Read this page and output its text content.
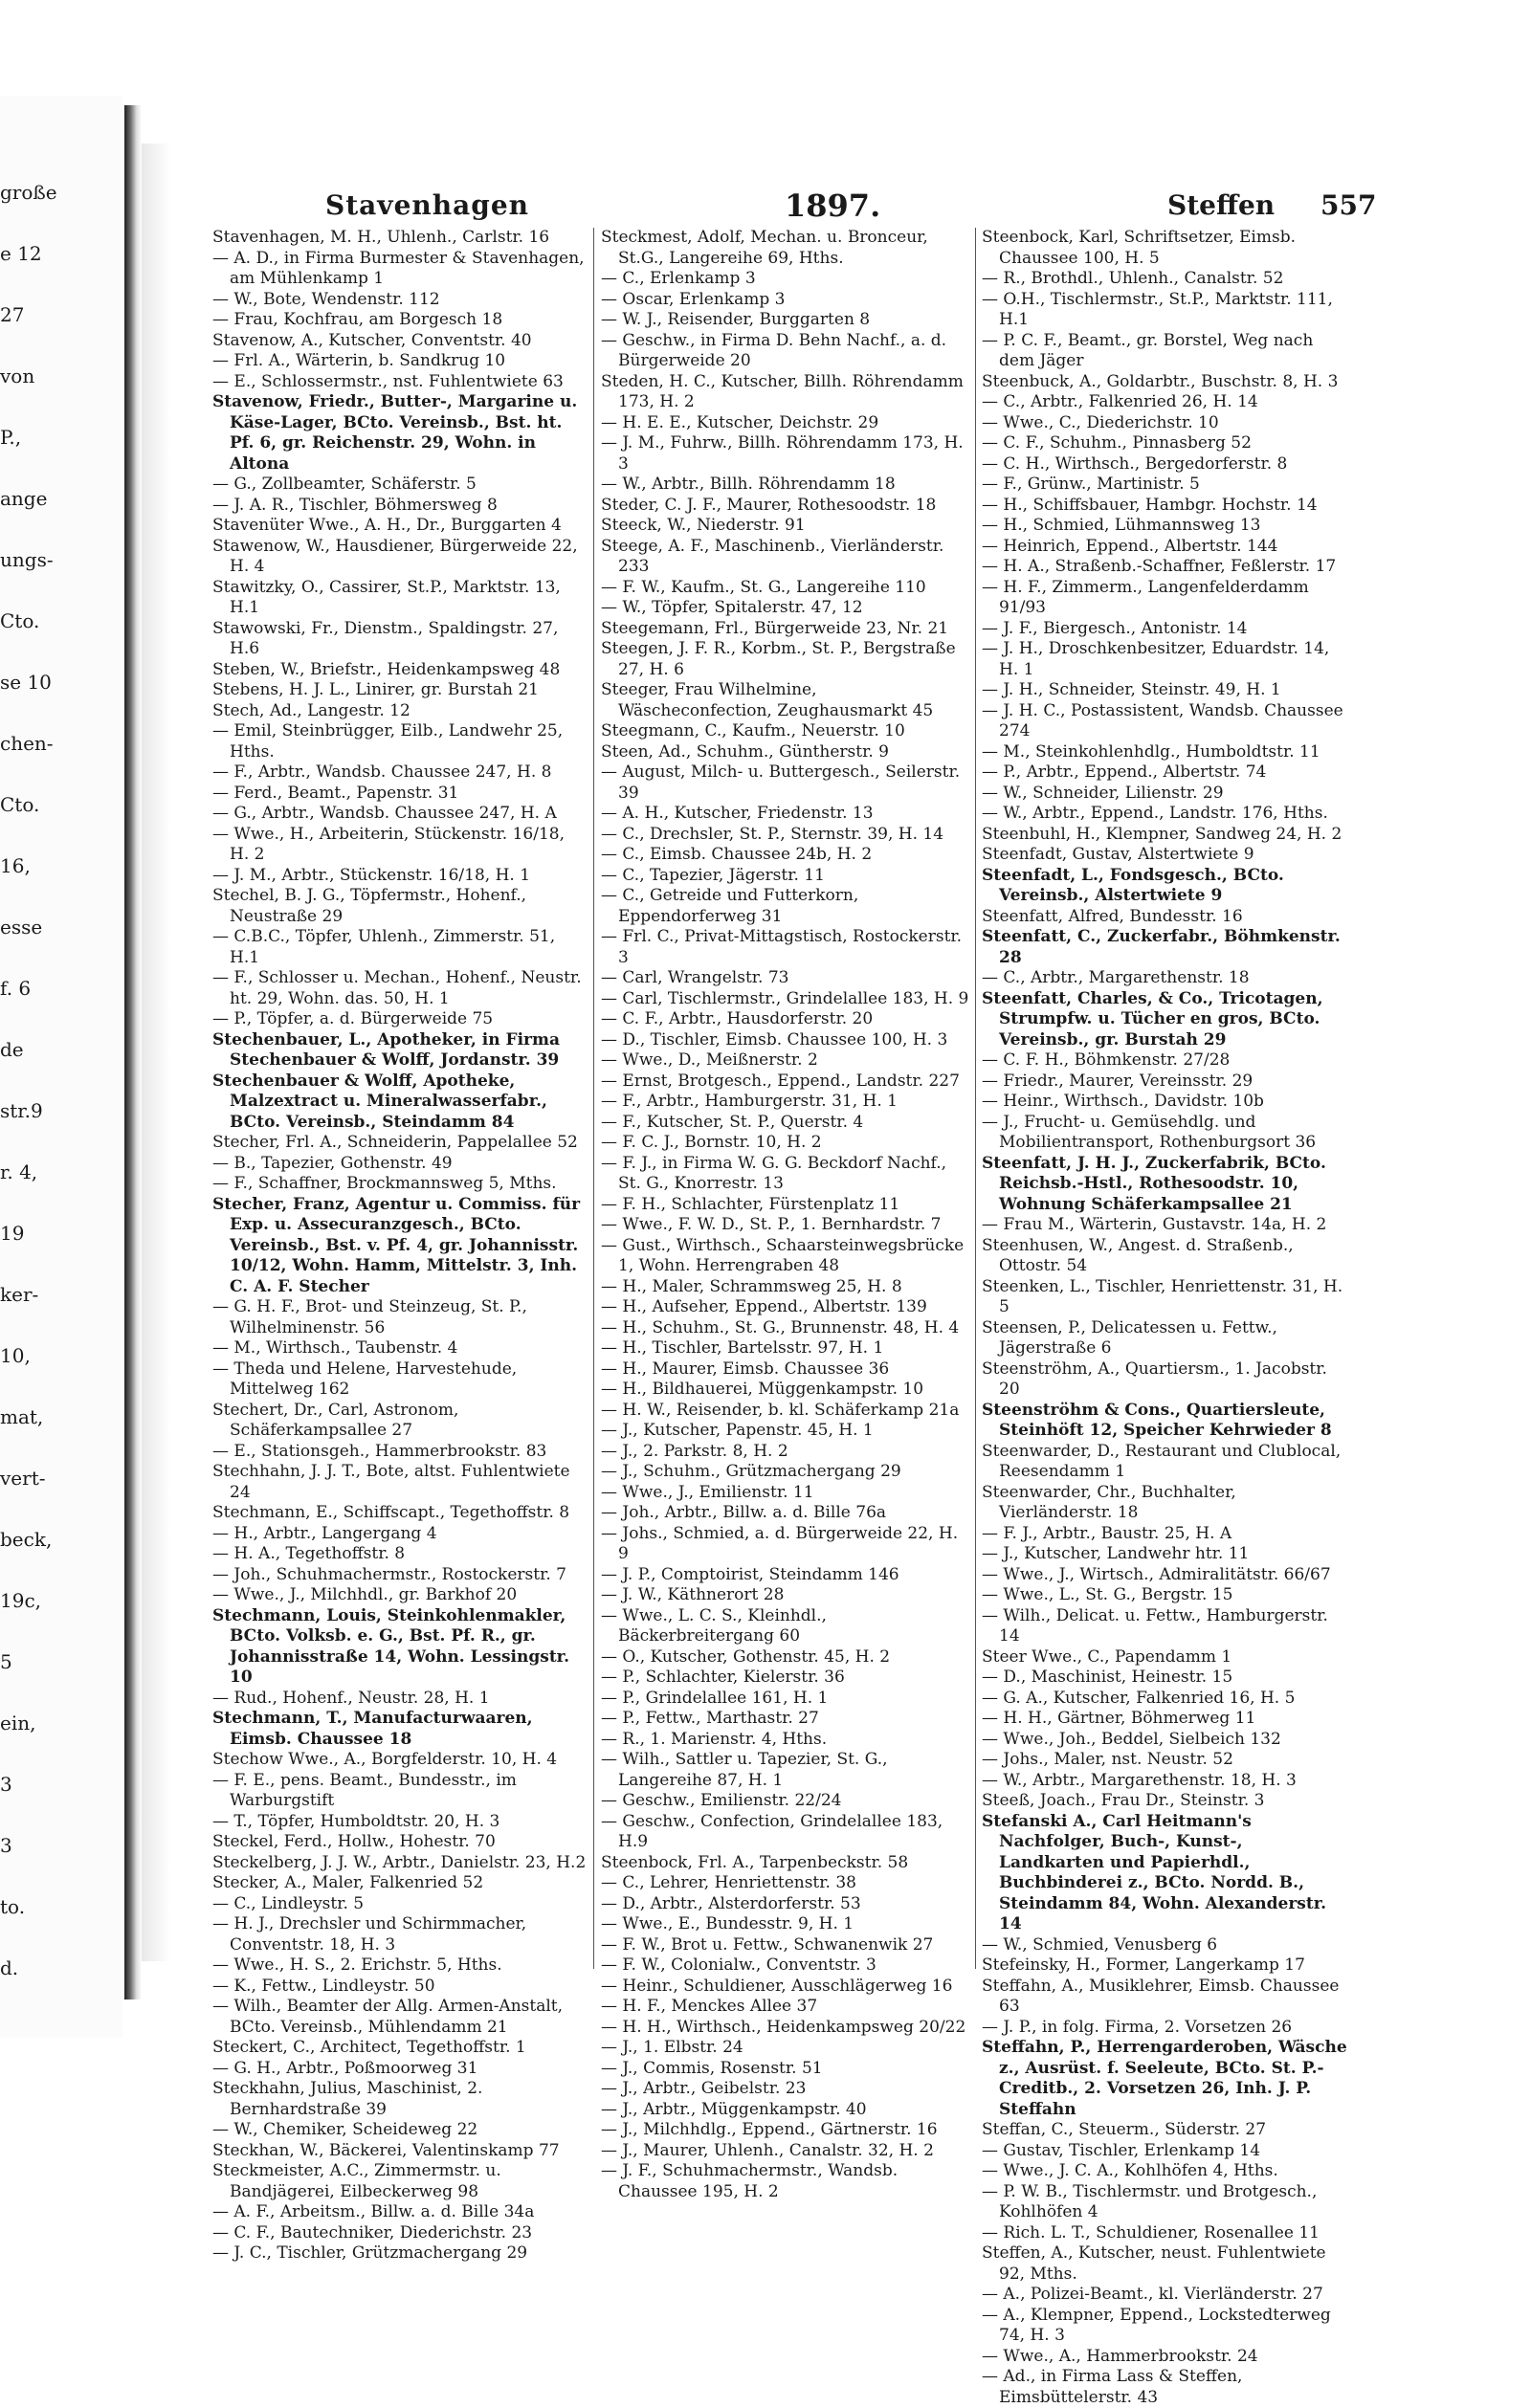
große
e 12
27
von
P.,
ange
ungs-
Cto.
se 10
chen-
Cto.
16,
esse
f. 6
de
str.9
r. 4,
19
ker-
10,
mat,
vert-
beck,
19c,
5
ein,
3
3
to.
d.
Stavenhagen	1897.	Steffen 557

Stavenhagen, M. H., Uhlenh., Carlstr. 16

— A. D., in Firma Burmester & Stavenhagen, am Mühlenkamp 1

— W., Bote, Wendenstr. 112

— Frau, Kochfrau, am Borgesch 18

Stavenow, A., Kutscher, Conventstr. 40

— Frl. A., Wärterin, b. Sandkrug 10

— E., Schlossermstr., nst. Fuhlentwiete 63

Stavenow, Friedr., Butter-, Margarine u. Käse-Lager, BCto. Vereinsb., Bst. ht. Pf. 6, gr. Reichenstr. 29, Wohn. in Altona

— G., Zollbeamter, Schäferstr. 5

— J. A. R., Tischler, Böhmersweg 8

Stavenüter Wwe., A. H., Dr., Burggarten 4

Stawenow, W., Hausdiener, Bürgerweide 22, H. 4

Stawitzky, O., Cassirer, St.P., Marktstr. 13, H.1

Stawowski, Fr., Dienstm., Spaldingstr. 27, H.6

Steben, W., Briefstr., Heidenkampsweg 48

Stebens, H. J. L., Linirer, gr. Burstah 21

Stech, Ad., Langestr. 12

— Emil, Steinbrügger, Eilb., Landwehr 25, Hths.

— F., Arbtr., Wandsb. Chaussee 247, H. 8

— Ferd., Beamt., Papenstr. 31

— G., Arbtr., Wandsb. Chaussee 247, H. A

— Wwe., H., Arbeiterin, Stückenstr. 16/18, H. 2

— J. M., Arbtr., Stückenstr. 16/18, H. 1

Stechel, B. J. G., Töpfermstr., Hohenf., Neustraße 29

— C.B.C., Töpfer, Uhlenh., Zimmerstr. 51, H.1

— F., Schlosser u. Mechan., Hohenf., Neustr. ht. 29, Wohn. das. 50, H. 1

— P., Töpfer, a. d. Bürgerweide 75

Stechenbauer, L., Apotheker, in Firma Stechenbauer & Wolff, Jordanstr. 39

Stechenbauer & Wolff, Apotheke, Malzextract u. Mineralwasserfabr., BCto. Vereinsb., Steindamm 84

Stecher, Frl. A., Schneiderin, Pappelallee 52

— B., Tapezier, Gothenstr. 49

— F., Schaffner, Brockmannsweg 5, Mths.

Stecher, Franz, Agentur u. Commiss. für Exp. u. Assecuranzgesch., BCto. Vereinsb., Bst. v. Pf. 4, gr. Johannisstr. 10/12, Wohn. Hamm, Mittelstr. 3, Inh. C. A. F. Stecher

— G. H. F., Brot- und Steinzeug, St. P., Wilhelminenstr. 56

— M., Wirthsch., Taubenstr. 4

— Theda und Helene, Harvestehude, Mittelweg 162

Stechert, Dr., Carl, Astronom, Schäferkampsallee 27

— E., Stationsgeh., Hammerbrookstr. 83

Stechhahn, J. J. T., Bote, altst. Fuhlentwiete 24

Stechmann, E., Schiffscapt., Tegethoffstr. 8

— H., Arbtr., Langergang 4

— H. A., Tegethoffstr. 8

— Joh., Schuhmachermstr., Rostockerstr. 7

— Wwe., J., Milchhdl., gr. Barkhof 20

Stechmann, Louis, Steinkohlenmakler, BCto. Volksb. e. G., Bst. Pf. R., gr. Johannisstraße 14, Wohn. Lessingstr. 10

— Rud., Hohenf., Neustr. 28, H. 1

Stechmann, T., Manufacturwaaren, Eimsb. Chaussee 18

Stechow Wwe., A., Borgfelderstr. 10, H. 4

— F. E., pens. Beamt., Bundesstr., im Warburgstift

— T., Töpfer, Humboldtstr. 20, H. 3

Steckel, Ferd., Hollw., Hohestr. 70

Steckelberg, J. J. W., Arbtr., Danielstr. 23, H.2

Stecker, A., Maler, Falkenried 52

— C., Lindleystr. 5

— H. J., Drechsler und Schirmmacher, Conventstr. 18, H. 3

— Wwe., H. S., 2. Erichstr. 5, Hths.

— K., Fettw., Lindleystr. 50

— Wilh., Beamter der Allg. Armen-Anstalt, BCto. Vereinsb., Mühlendamm 21

Steckert, C., Architect, Tegethoffstr. 1

— G. H., Arbtr., Poßmoorweg 31

Steckhahn, Julius, Maschinist, 2. Bernhardstraße 39

— W., Chemiker, Scheideweg 22

Steckhan, W., Bäckerei, Valentinskamp 77

Steckmeister, A.C., Zimmermstr. u. Bandjägerei, Eilbeckerweg 98

— A. F., Arbeitsm., Billw. a. d. Bille 34a

— C. F., Bautechniker, Diederichstr. 23

— J. C., Tischler, Grützmachergang 29

Steckmest, Adolf, Mechan. u. Bronceur, St.G., Langereihe 69, Hths.

— C., Erlenkamp 3

— Oscar, Erlenkamp 3

— W. J., Reisender, Burggarten 8

— Geschw., in Firma D. Behn Nachf., a. d. Bürgerweide 20

Steden, H. C., Kutscher, Billh. Röhrendamm 173, H. 2

— H. E. E., Kutscher, Deichstr. 29

— J. M., Fuhrw., Billh. Röhrendamm 173, H. 3

— W., Arbtr., Billh. Röhrendamm 18

Steder, C. J. F., Maurer, Rothesoodstr. 18

Steeck, W., Niederstr. 91

Steege, A. F., Maschinenb., Vierländerstr. 233

— F. W., Kaufm., St. G., Langereihe 110

— W., Töpfer, Spitalerstr. 47, 12

Steegemann, Frl., Bürgerweide 23, Nr. 21

Steegen, J. F. R., Korbm., St. P., Bergstraße 27, H. 6

Steeger, Frau Wilhelmine, Wäscheconfection, Zeughausmarkt 45

Steegmann, C., Kaufm., Neuerstr. 10

Steen, Ad., Schuhm., Güntherstr. 9

— August, Milch- u. Buttergesch., Seilerstr. 39

— A. H., Kutscher, Friedenstr. 13

— C., Drechsler, St. P., Sternstr. 39, H. 14

— C., Eimsb. Chaussee 24b, H. 2

— C., Tapezier, Jägerstr. 11

— C., Getreide und Futterkorn, Eppendorferweg 31

— Frl. C., Privat-Mittagstisch, Rostockerstr. 3

— Carl, Wrangelstr. 73

— Carl, Tischlermstr., Grindelallee 183, H. 9

— C. F., Arbtr., Hausdorferstr. 20

— D., Tischler, Eimsb. Chaussee 100, H. 3

— Wwe., D., Meißnerstr. 2

— Ernst, Brotgesch., Eppend., Landstr. 227

— F., Arbtr., Hamburgerstr. 31, H. 1

— F., Kutscher, St. P., Querstr. 4

— F. C. J., Bornstr. 10, H. 2

— F. J., in Firma W. G. G. Beckdorf Nachf., St. G., Knorrestr. 13

— F. H., Schlachter, Fürstenplatz 11

— Wwe., F. W. D., St. P., 1. Bernhardstr. 7

— Gust., Wirthsch., Schaarsteinwegsbrücke 1, Wohn. Herrengraben 48

— H., Maler, Schrammsweg 25, H. 8

— H., Aufseher, Eppend., Albertstr. 139

— H., Schuhm., St. G., Brunnenstr. 48, H. 4

— H., Tischler, Bartelsstr. 97, H. 1

— H., Maurer, Eimsb. Chaussee 36

— H., Bildhauerei, Müggenkampstr. 10

— H. W., Reisender, b. kl. Schäferkamp 21a

— J., Kutscher, Papenstr. 45, H. 1

— J., 2. Parkstr. 8, H. 2

— J., Schuhm., Grützmachergang 29

— Wwe., J., Emilienstr. 11

— Joh., Arbtr., Billw. a. d. Bille 76a

— Johs., Schmied, a. d. Bürgerweide 22, H. 9

— J. P., Comptoirist, Steindamm 146

— J. W., Käthnerort 28

— Wwe., L. C. S., Kleinhdl., Bäckerbreitergang 60

— O., Kutscher, Gothenstr. 45, H. 2

— P., Schlachter, Kielerstr. 36

— P., Grindelallee 161, H. 1

— P., Fettw., Marthastr. 27

— R., 1. Marienstr. 4, Hths.

— Wilh., Sattler u. Tapezier, St. G., Langereihe 87, H. 1

— Geschw., Emilienstr. 22/24

— Geschw., Confection, Grindelallee 183, H.9

Steenbock, Frl. A., Tarpenbeckstr. 58

— C., Lehrer, Henriettenstr. 38

— D., Arbtr., Alsterdorferstr. 53

— Wwe., E., Bundesstr. 9, H. 1

— F. W., Brot u. Fettw., Schwanenwik 27

— F. W., Colonialw., Conventstr. 3

— Heinr., Schuldiener, Ausschlägerweg 16

— H. F., Menckes Allee 37

— H. H., Wirthsch., Heidenkampsweg 20/22

— J., 1. Elbstr. 24

— J., Commis, Rosenstr. 51

— J., Arbtr., Geibelstr. 23

— J., Arbtr., Müggenkampstr. 40

— J., Milchhdlg., Eppend., Gärtnerstr. 16

— J., Maurer, Uhlenh., Canalstr. 32, H. 2

— J. F., Schuhmachermstr., Wandsb. Chaussee 195, H. 2

Steenbock, Karl, Schriftsetzer, Eimsb. Chaussee 100, H. 5

— R., Brothdl., Uhlenh., Canalstr. 52

— O.H., Tischlermstr., St.P., Marktstr. 111, H.1

— P. C. F., Beamt., gr. Borstel, Weg nach dem Jäger

Steenbuck, A., Goldarbtr., Buschstr. 8, H. 3

— C., Arbtr., Falkenried 26, H. 14

— Wwe., C., Diederichstr. 10

— C. F., Schuhm., Pinnasberg 52

— C. H., Wirthsch., Bergedorferstr. 8

— F., Grünw., Martinistr. 5

— H., Schiffsbauer, Hambgr. Hochstr. 14

— H., Schmied, Lühmannsweg 13

— Heinrich, Eppend., Albertstr. 144

— H. A., Straßenb.-Schaffner, Feßlerstr. 17

— H. F., Zimmerm., Langenfelderdamm 91/93

— J. F., Biergesch., Antonistr. 14

— J. H., Droschkenbesitzer, Eduardstr. 14, H. 1

— J. H., Schneider, Steinstr. 49, H. 1

— J. H. C., Postassistent, Wandsb. Chaussee 274

— M., Steinkohlenhdlg., Humboldtstr. 11

— P., Arbtr., Eppend., Albertstr. 74

— W., Schneider, Lilienstr. 29

— W., Arbtr., Eppend., Landstr. 176, Hths.

Steenbuhl, H., Klempner, Sandweg 24, H. 2

Steenfadt, Gustav, Alstertwiete 9

Steenfadt, L., Fondsgesch., BCto. Vereinsb., Alstertwiete 9

Steenfatt, Alfred, Bundesstr. 16

Steenfatt, C., Zuckerfabr., Böhmkenstr. 28

— C., Arbtr., Margarethenstr. 18

Steenfatt, Charles, & Co., Tricotagen, Strumpfw. u. Tücher en gros, BCto. Vereinsb., gr. Burstah 29

— C. F. H., Böhmkenstr. 27/28

— Friedr., Maurer, Vereinsstr. 29

— Heinr., Wirthsch., Davidstr. 10b

— J., Frucht- u. Gemüsehdlg. und Mobilientransport, Rothenburgsort 36

Steenfatt, J. H. J., Zuckerfabrik, BCto. Reichsb.-Hstl., Rothesoodstr. 10, Wohnung Schäferkampsallee 21

— Frau M., Wärterin, Gustavstr. 14a, H. 2

Steenhusen, W., Angest. d. Straßenb., Ottostr. 54

Steenken, L., Tischler, Henriettenstr. 31, H. 5

Steensen, P., Delicatessen u. Fettw., Jägerstraße 6

Steenströhm, A., Quartiersm., 1. Jacobstr. 20

Steenströhm & Cons., Quartiersleute, Steinhöft 12, Speicher Kehrwieder 8

Steenwarder, D., Restaurant und Clublocal, Reesendamm 1

Steenwarder, Chr., Buchhalter, Vierländerstr. 18

— F. J., Arbtr., Baustr. 25, H. A

— J., Kutscher, Landwehr htr. 11

— Wwe., J., Wirtsch., Admiralitätstr. 66/67

— Wwe., L., St. G., Bergstr. 15

— Wilh., Delicat. u. Fettw., Hamburgerstr. 14

Steer Wwe., C., Papendamm 1

— D., Maschinist, Heinestr. 15

— G. A., Kutscher, Falkenried 16, H. 5

— H. H., Gärtner, Böhmerweg 11

— Wwe., Joh., Beddel, Sielbeich 132

— Johs., Maler, nst. Neustr. 52

— W., Arbtr., Margarethenstr. 18, H. 3

Steeß, Joach., Frau Dr., Steinstr. 3

Stefanski A., Carl Heitmann's Nachfolger, Buch-, Kunst-, Landkarten und Papierhdl., Buchbinderei z., BCto. Nordd. B., Steindamm 84, Wohn. Alexanderstr. 14

— W., Schmied, Venusberg 6

Stefeinsky, H., Former, Langerkamp 17

Steffahn, A., Musiklehrer, Eimsb. Chaussee 63

— J. P., in folg. Firma, 2. Vorsetzen 26

Steffahn, P., Herrengarderoben, Wäsche z., Ausrüst. f. Seeleute, BCto. St. P.-Creditb., 2. Vorsetzen 26, Inh. J. P. Steffahn

Steffan, C., Steuerm., Süderstr. 27

— Gustav, Tischler, Erlenkamp 14

— Wwe., J. C. A., Kohlhöfen 4, Hths.

— P. W. B., Tischlermstr. und Brotgesch., Kohlhöfen 4

— Rich. L. T., Schuldiener, Rosenallee 11

Steffen, A., Kutscher, neust. Fuhlentwiete 92, Mths.

— A., Polizei-Beamt., kl. Vierländerstr. 27

— A., Klempner, Eppend., Lockstedterweg 74, H. 3

— Wwe., A., Hammerbrookstr. 24

— Ad., in Firma Lass & Steffen, Eimsbüttelerstr. 43
